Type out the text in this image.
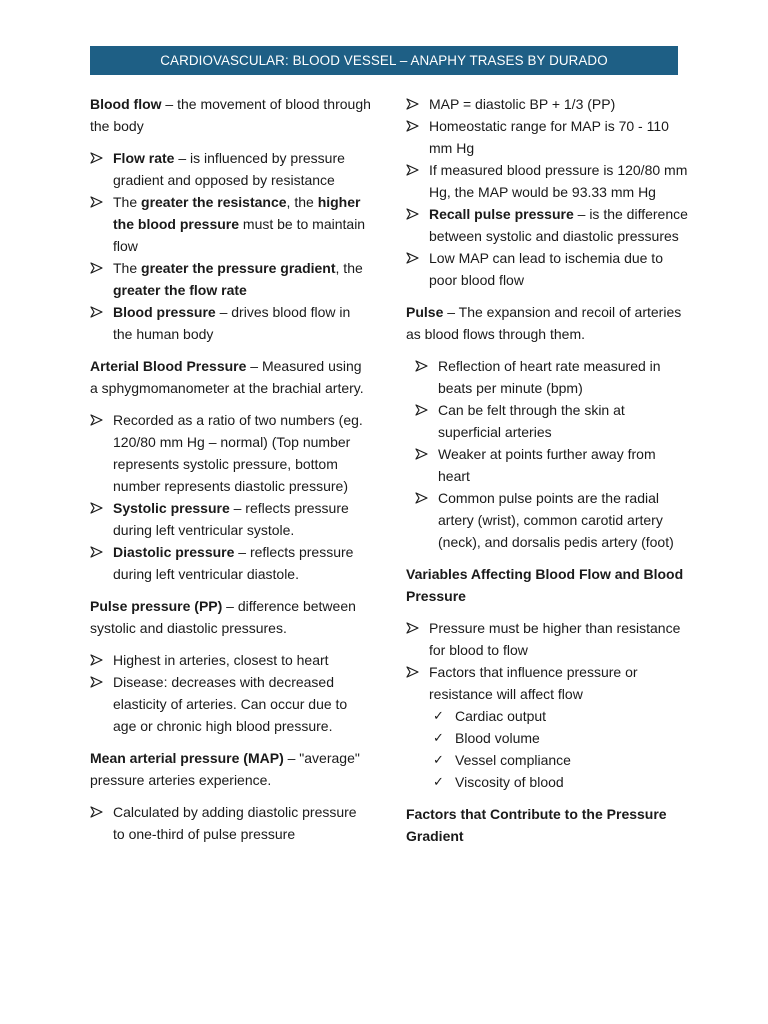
CARDIOVASCULAR: BLOOD VESSEL – ANAPHY TRASES BY DURADO

Blood flow – the movement of blood through the body

Flow rate – is influenced by pressure gradient and opposed by resistance
The greater the resistance, the higher the blood pressure must be to maintain flow
The greater the pressure gradient, the greater the flow rate
Blood pressure – drives blood flow in the human body

Arterial Blood Pressure – Measured using a sphygmomanometer at the brachial artery.

Recorded as a ratio of two numbers (eg. 120/80 mm Hg – normal) (Top number represents systolic pressure, bottom number represents diastolic pressure)
Systolic pressure – reflects pressure during left ventricular systole.
Diastolic pressure – reflects pressure during left ventricular diastole.

Pulse pressure (PP) – difference between systolic and diastolic pressures.

Highest in arteries, closest to heart
Disease: decreases with decreased elasticity of arteries. Can occur due to age or chronic high blood pressure.

Mean arterial pressure (MAP) – "average" pressure arteries experience.

Calculated by adding diastolic pressure to one-third of pulse pressure
MAP = diastolic BP + 1/3 (PP)
Homeostatic range for MAP is 70 - 110 mm Hg
If measured blood pressure is 120/80 mm Hg, the MAP would be 93.33 mm Hg
Recall pulse pressure – is the difference between systolic and diastolic pressures
Low MAP can lead to ischemia due to poor blood flow

Pulse – The expansion and recoil of arteries as blood flows through them.

Reflection of heart rate measured in beats per minute (bpm)
Can be felt through the skin at superficial arteries
Weaker at points further away from heart
Common pulse points are the radial artery (wrist), common carotid artery (neck), and dorsalis pedis artery (foot)

Variables Affecting Blood Flow and Blood Pressure

Pressure must be higher than resistance for blood to flow
Factors that influence pressure or resistance will affect flow
✓ Cardiac output
✓ Blood volume
✓ Vessel compliance
✓ Viscosity of blood

Factors that Contribute to the Pressure Gradient
